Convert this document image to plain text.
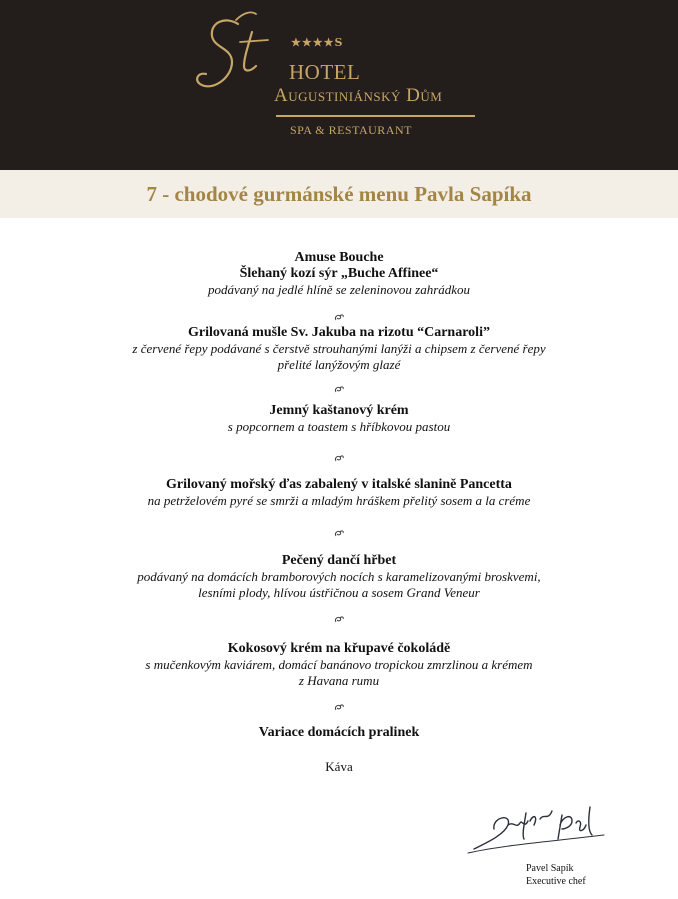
★★★★S
HOTEL
Augustiniánský Dům
SPA & RESTAURANT
7 - chodové gurmánské menu Pavla Sapíka
Amuse Bouche
Šlehaný kozí sýr „Buche Affinee“
podávaný na jedlé hlíně se zeleninovou zahrádkou
Grilovaná mušle Sv. Jakuba na rizotu “Carnaroli”
z červené řepy podávané s čerstvě strouhanými lanýži a chipsem z červené řepy
přelité lanýžovým glazé
Jemný kaštanový krém
s popcornem a toastem s hříbkovou pastou
Grilovaný mořský ďas zabalený v italské slanině Pancetta
na petrželovém pyré se smrži a mladým hráškem přelitý sosem a la créme
Pečený dančí hřbet
podávaný na domácích bramborových nocích s karamelizovanými broskvemi,
lesními plody, hlívou ústřičnou a sosem Grand Veneur
Kokosový krém na křupavé čokoládě
s mučenkovým kaviárem, domácí banánovo tropickou zmrzlinou a krémem
z Havana rumu
Variace domácích pralinek
Káva
Pavel Sapík
Executive chef
